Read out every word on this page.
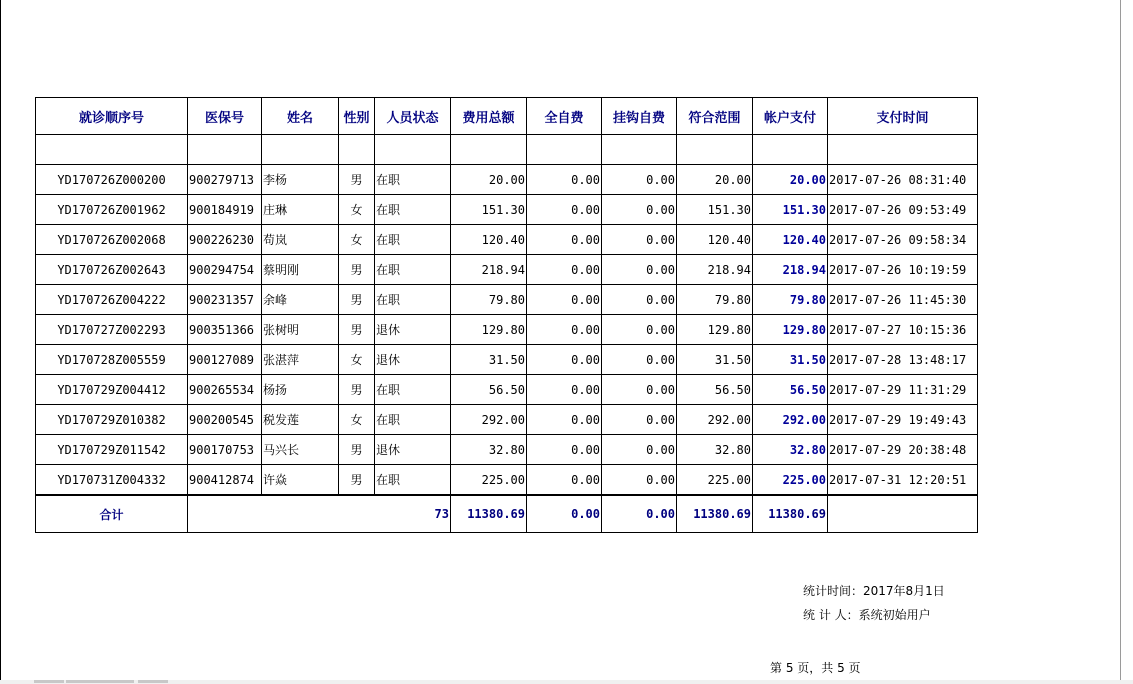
就诊顺序号	医保号	姓名	性别	人员状态	费用总额	全自费	挂钩自费	符合范围	帐户支付	支付时间

YD170726Z000200	900279713	李杨	男	在职	20.00	0.00	0.00	20.00	20.00	2017-07-26 08:31:40
YD170726Z001962	900184919	庄琳	女	在职	151.30	0.00	0.00	151.30	151.30	2017-07-26 09:53:49
YD170726Z002068	900226230	苟岚	女	在职	120.40	0.00	0.00	120.40	120.40	2017-07-26 09:58:34
YD170726Z002643	900294754	蔡明刚	男	在职	218.94	0.00	0.00	218.94	218.94	2017-07-26 10:19:59
YD170726Z004222	900231357	余峰	男	在职	79.80	0.00	0.00	79.80	79.80	2017-07-26 11:45:30
YD170727Z002293	900351366	张树明	男	退休	129.80	0.00	0.00	129.80	129.80	2017-07-27 10:15:36
YD170728Z005559	900127089	张湛萍	女	退休	31.50	0.00	0.00	31.50	31.50	2017-07-28 13:48:17
YD170729Z004412	900265534	杨扬	男	在职	56.50	0.00	0.00	56.50	56.50	2017-07-29 11:31:29
YD170729Z010382	900200545	税发莲	女	在职	292.00	0.00	0.00	292.00	292.00	2017-07-29 19:49:43
YD170729Z011542	900170753	马兴长	男	退休	32.80	0.00	0.00	32.80	32.80	2017-07-29 20:38:48
YD170731Z004332	900412874	许焱	男	在职	225.00	0.00	0.00	225.00	225.00	2017-07-31 12:20:51
合计	73				11380.69	0.00	0.00	11380.69	11380.69	
统计时间：2017年8月1日
统 计 人：系统初始用户
第 5 页，共 5 页
